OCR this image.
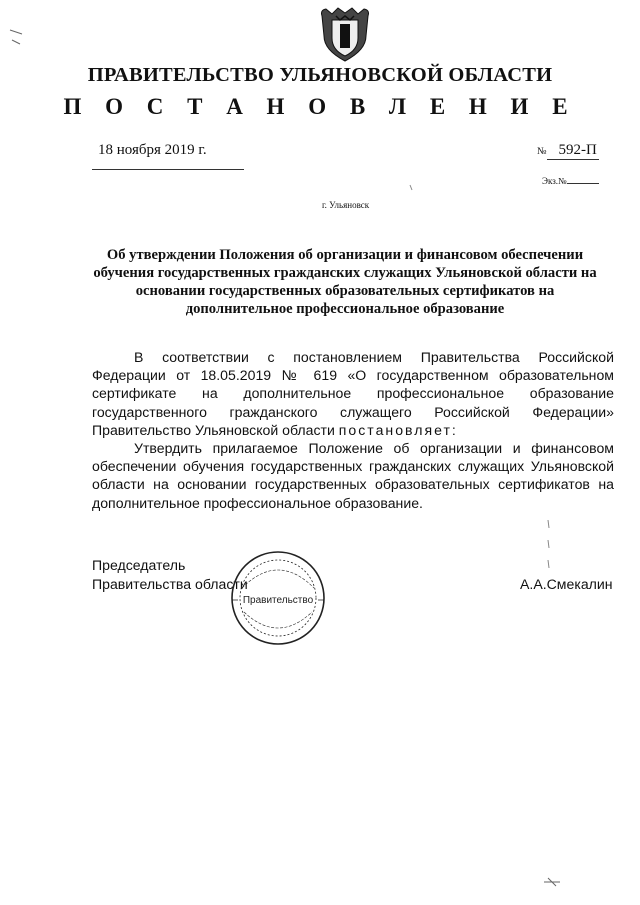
ПРАВИТЕЛЬСТВО УЛЬЯНОВСКОЙ ОБЛАСТИ
П О С Т А Н О В Л Е Н И Е
18 ноября 2019 г.	№ 592-П
Экз.№
г. Ульяновск
Об утверждении Положения об организации и финансовом обеспечении обучения государственных гражданских служащих Ульяновской области на основании государственных образовательных сертификатов на дополнительное профессиональное образование

В соответствии с постановлением Правительства Российской Федерации от 18.05.2019 № 619 «О государственном образовательном сертификате на дополнительное профессиональное образование государственного гражданского служащего Российской Федерации» Правительство Ульяновской области постановляет:

Утвердить прилагаемое Положение об организации и финансовом обеспечении обучения государственных гражданских служащих Ульяновской области на основании государственных образовательных сертификатов на дополнительное профессиональное образование.

Председатель
Правительства области	А.А.Смекалин
Правительство
